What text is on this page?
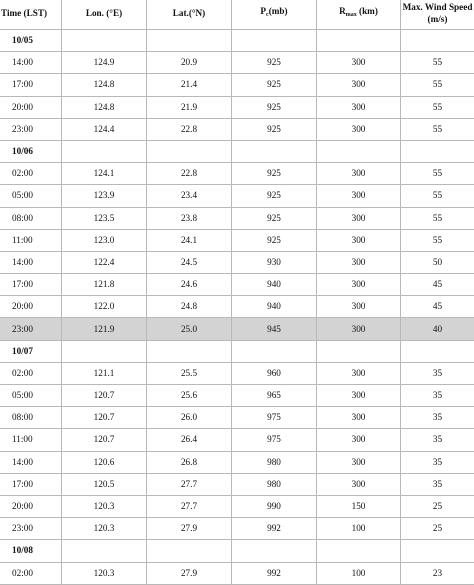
Time (LST)	Lon. (°E)	Lat.(°N)	$P_c(mb)$	$R_{max}$ (km)	Max. Wind Speed
(m/s)
10/05					
14:00	124.9	20.9	925	300	55
17:00	124.8	21.4	925	300	55
20:00	124.8	21.9	925	300	55
23:00	124.4	22.8	925	300	55
10/06					
02:00	124.1	22.8	925	300	55
05:00	123.9	23.4	925	300	55
08:00	123.5	23.8	925	300	55
11:00	123.0	24.1	925	300	55
14:00	122.4	24.5	930	300	50
17:00	121.8	24.6	940	300	45
20:00	122.0	24.8	940	300	45
23:00	121.9	25.0	945	300	40
10/07					
02:00	121.1	25.5	960	300	35
05:00	120.7	25.6	965	300	35
08:00	120.7	26.0	975	300	35
11:00	120.7	26.4	975	300	35
14:00	120.6	26.8	980	300	35
17:00	120.5	27.7	980	300	35
20:00	120.3	27.7	990	150	25
23:00	120.3	27.9	992	100	25
10/08					
02:00	120.3	27.9	992	100	23
